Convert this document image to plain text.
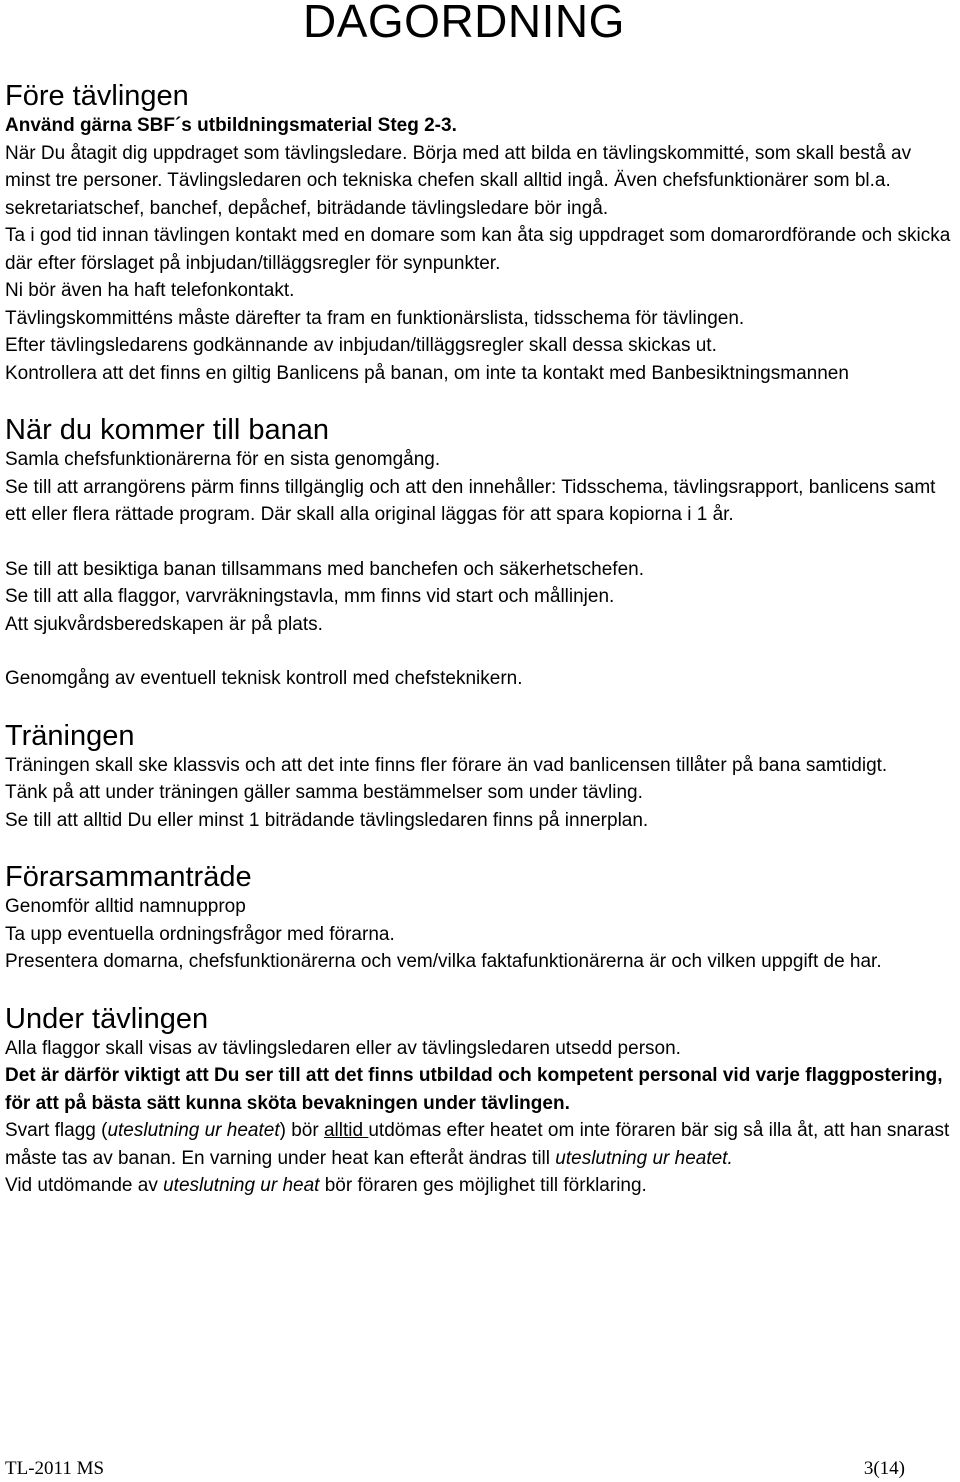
DAGORDNING
Före tävlingen

Använd gärna SBF´s utbildningsmaterial Steg 2-3.

När Du åtagit dig uppdraget som tävlingsledare. Börja med att bilda en tävlingskommitté, som skall bestå av minst tre personer. Tävlingsledaren och tekniska chefen skall alltid ingå. Även chefsfunktionärer som bl.a. sekretariatschef, banchef, depåchef, biträdande tävlingsledare bör ingå.

Ta i god tid innan tävlingen kontakt med en domare som kan åta sig uppdraget som domarordförande och skicka där efter förslaget på inbjudan/tilläggsregler för synpunkter.

Ni bör även ha haft telefonkontakt.

Tävlingskommitténs måste därefter ta fram en funktionärslista, tidsschema för tävlingen.

Efter tävlingsledarens godkännande av inbjudan/tilläggsregler skall dessa skickas ut.

Kontrollera att det finns en giltig Banlicens på banan, om inte ta kontakt med Banbesiktningsmannen

När du kommer till banan

Samla chefsfunktionärerna för en sista genomgång.

Se till att arrangörens pärm finns tillgänglig och att den innehåller: Tidsschema, tävlingsrapport, banlicens samt ett eller flera rättade program. Där skall alla original läggas för att spara kopiorna i 1 år.

Se till att besiktiga banan tillsammans med banchefen och säkerhetschefen.

Se till att alla flaggor, varvräkningstavla, mm finns vid start och mållinjen.

Att sjukvårdsberedskapen är på plats.

Genomgång av eventuell teknisk kontroll med chefsteknikern.

Träningen

Träningen skall ske klassvis och att det inte finns fler förare än vad banlicensen tillåter på bana samtidigt.

Tänk på att under träningen gäller samma bestämmelser som under tävling.

Se till att alltid Du eller minst 1 biträdande tävlingsledaren finns på innerplan.

Förarsammanträde

Genomför alltid namnupprop

Ta upp eventuella ordningsfrågor med förarna.

Presentera domarna, chefsfunktionärerna och vem/vilka faktafunktionärerna är och vilken uppgift de har.

Under tävlingen

Alla flaggor skall visas av tävlingsledaren eller av tävlingsledaren utsedd person.

Det är därför viktigt att Du ser till att det finns utbildad och kompetent personal vid varje flaggpostering, för att på bästa sätt kunna sköta bevakningen under tävlingen.

Svart flagg (uteslutning ur heatet) bör alltid utdömas efter heatet om inte föraren bär sig så illa åt, att han snarast måste tas av banan. En varning under heat kan efteråt ändras till uteslutning ur heatet.

Vid utdömande av uteslutning ur heat bör föraren ges möjlighet till förklaring.

TL-2011 MS	3(14)
